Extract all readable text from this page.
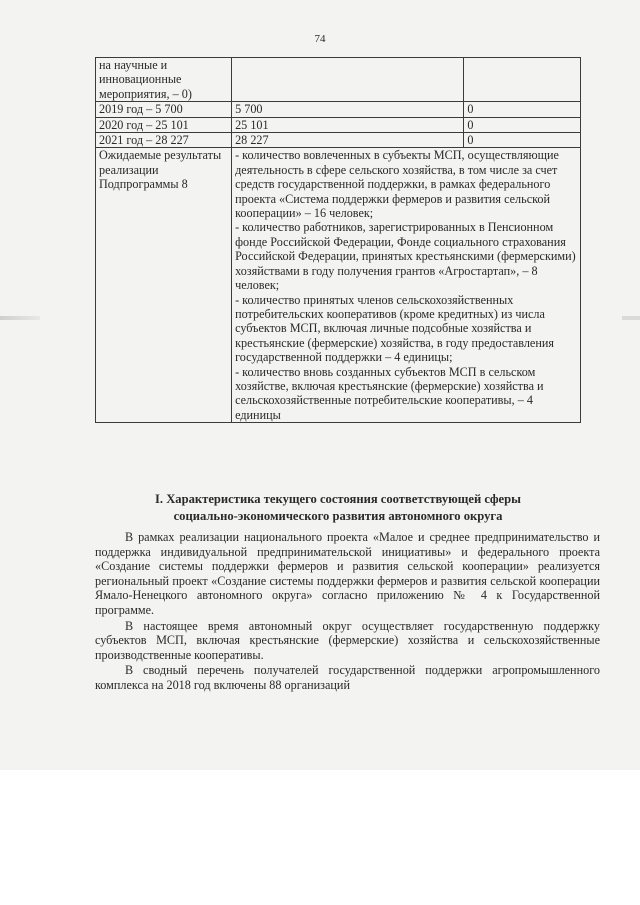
74
на научные и инновационные мероприятия, – 0)		
2019 год – 5 700	5 700	0
2020 год – 25 101	25 101	0
2021 год – 28 227	28 227	0
Ожидаемые результаты реализации Подпрограммы 8	- количество вовлеченных в субъекты МСП, осуществляющие деятельность в сфере сельского хозяйства, в том числе за счет средств государственной поддержки, в рамках федерального проекта «Система поддержки фермеров и развития сельской кооперации» – 16 человек;
- количество работников, зарегистрированных в Пенсионном фонде Российской Федерации, Фонде социального страхования Российской Федерации, принятых крестьянскими (фермерскими) хозяйствами в году получения грантов «Агростартап», – 8 человек;
- количество принятых членов сельскохозяйственных потребительских кооперативов (кроме кредитных) из числа субъектов МСП, включая личные подсобные хозяйства и крестьянские (фермерские) хозяйства, в году предоставления государственной поддержки – 4 единицы;
- количество вновь созданных субъектов МСП в сельском хозяйстве, включая крестьянские (фермерские) хозяйства и сельскохозяйственные потребительские кооперативы, – 4 единицы	
I. Характеристика текущего состояния соответствующей сферы
социально-экономического развития автономного округа

В рамках реализации национального проекта «Малое и среднее предпринимательство и поддержка индивидуальной предпринимательской инициативы» и федерального проекта «Создание системы поддержки фермеров и развития сельской кооперации» реализуется региональный проект «Создание системы поддержки фермеров и развития сельской кооперации Ямало-Ненецкого автономного округа» согласно приложению № 4 к Государственной программе.

В настоящее время автономный округ осуществляет государственную поддержку субъектов МСП, включая крестьянские (фермерские) хозяйства и сельскохозяйственные производственные кооперативы.

В сводный перечень получателей государственной поддержки агропромышленного комплекса на 2018 год включены 88 организаций
